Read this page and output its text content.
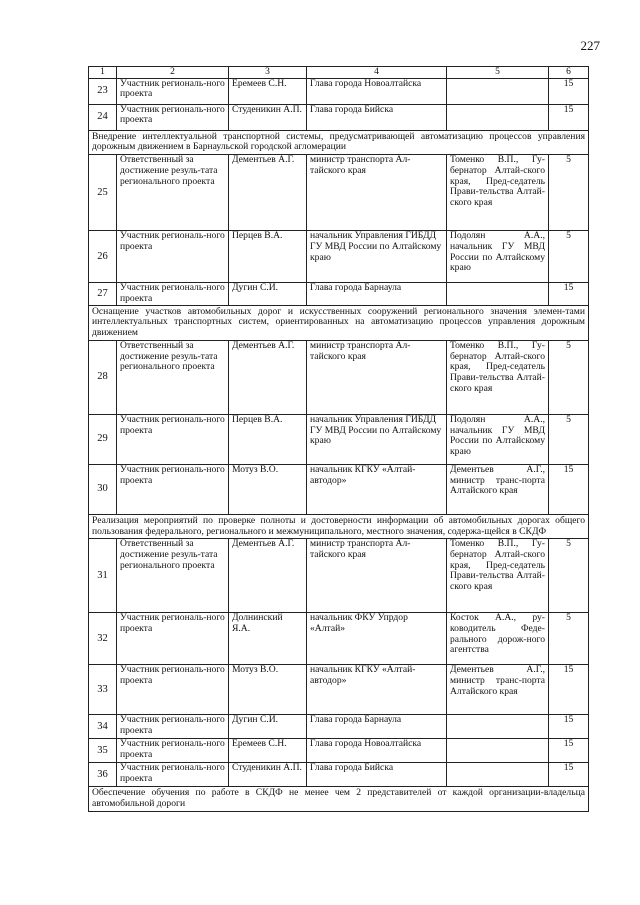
227
1	2	3	4	5	6
23	Участник региональ-ного проекта	Еремеев С.Н.	Глава города Новоалтайска		15
24	Участник региональ-ного проекта	Студеникин А.П.	Глава города Бийска		15
Внедрение интеллектуальной транспортной системы, предусматривающей автоматизацию процессов управления дорожным движением в Барнаульской городской агломерации					
25	Ответственный за достижение резуль-тата регионального проекта	Дементьев А.Г.	министр транспорта Ал-тайского края	Томенко В.П., Гу-бернатор Алтай-ского края, Пред-седатель Прави-тельства Алтай-ского края	5
26	Участник региональ-ного проекта	Перцев В.А.	начальник Управления ГИБДД ГУ МВД России по Алтайскому краю	Подолян А.А., начальник ГУ МВД России по Алтайскому краю	5
27	Участник региональ-ного проекта	Дугин С.И.	Глава города Барнаула		15
Оснащение участков автомобильных дорог и искусственных сооружений регионального значения элемен-тами интеллектуальных транспортных систем, ориентированных на автоматизацию процессов управления дорожным движением					
28	Ответственный за достижение резуль-тата регионального проекта	Дементьев А.Г.	министр транспорта Ал-тайского края	Томенко В.П., Гу-бернатор Алтай-ского края, Пред-седатель Прави-тельства Алтай-ского края	5
29	Участник региональ-ного проекта	Перцев В.А.	начальник Управления ГИБДД ГУ МВД России по Алтайскому краю	Подолян А.А., начальник ГУ МВД России по Алтайскому краю	5
30	Участник региональ-ного проекта	Мотуз В.О.	начальник КГКУ «Алтай-автодор»	Дементьев А.Г., министр транс-порта Алтайского края	15
Реализация мероприятий по проверке полноты и достоверности информации об автомобильных дорогах общего пользования федерального, регионального и межмуниципального, местного значения, содержа-щейся в СКДФ					
31	Ответственный за достижение резуль-тата регионального проекта	Дементьев А.Г.	министр транспорта Ал-тайского края	Томенко В.П., Гу-бернатор Алтай-ского края, Пред-седатель Прави-тельства Алтай-ского края	5
32	Участник региональ-ного проекта	Долнинский Я.А.	начальник ФКУ Упрдор «Алтай»	Косток А.А., ру-ководитель Феде-рального дорож-ного агентства	5
33	Участник региональ-ного проекта	Мотуз В.О.	начальник КГКУ «Алтай-автодор»	Дементьев А.Г., министр транс-порта Алтайского края	15
34	Участник региональ-ного проекта	Дугин С.И.	Глава города Барнаула		15
35	Участник региональ-ного проекта	Еремеев С.Н.	Глава города Новоалтайска		15
36	Участник региональ-ного проекта	Студеникин А.П.	Глава города Бийска		15
Обеспечение обучения по работе в СКДФ не менее чем 2 представителей от каждой организации-владельца автомобильной дороги					
